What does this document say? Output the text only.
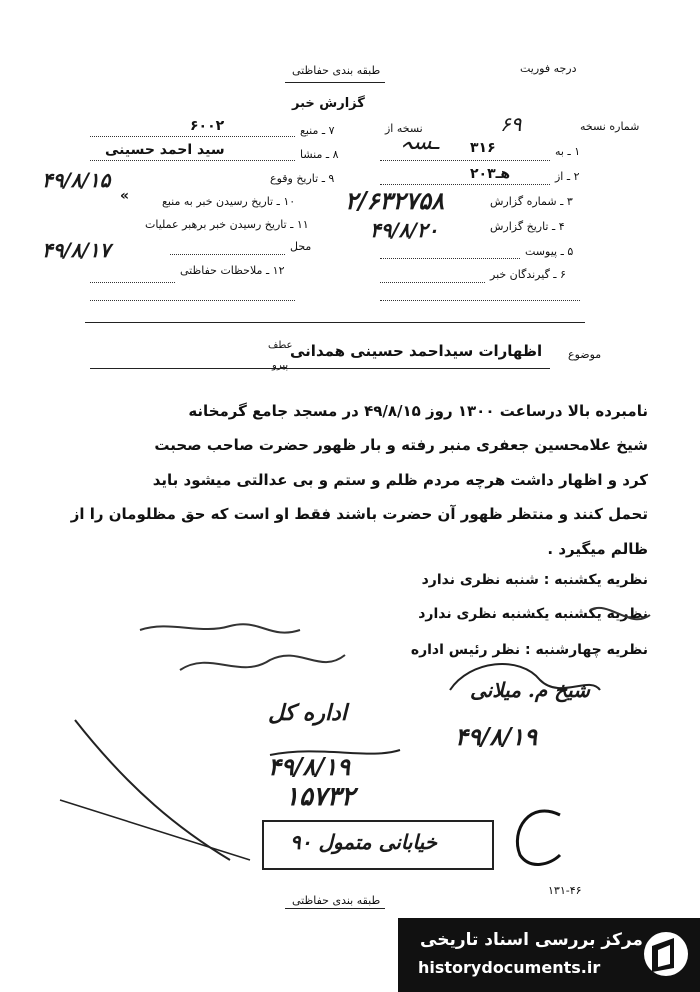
درجه فوریت
طبقه بندی حفاظتی
گزارش خبر
شماره نسخه
۶۹
نسخه از
ـسہ	۱ ـ به
۳۱۶
۲ ـ از
۲۰هـ۳
۳ ـ شماره گزارش
۲/۶۳۲۷۵۸
۴ ـ تاریخ گزارش
۴۹/۸/۲۰
۵ ـ پیوست
۶ ـ گیرندگان خبر
۷ ـ منبع
۶۰۰۲
۸ ـ منشا
سید احمد حسینی
۹ ـ تاریخ وقوع
۴۹/۸/۱۵
۱۰ ـ تاریخ رسیدن خبر به منبع
«
۱۱ ـ تاریخ رسیدن خبر برهبر عملیات
۴۹/۸/۱۷	محل
۱۲ ـ ملاحظات حفاظتی
موضوع
اظهارات سیداحمد حسینی همدانی
عطف
پیرو
نامبرده بالا درساعت ۱۳۰۰ روز ۴۹/۸/۱۵ در مسجد جامع گرمخانه
شیخ علامحسین جعفری منبر رفته و بار ظهور حضرت صاحب صحبت
کرد و اظهار داشت هرچه مردم ظلم و ستم و بی عدالتی میشود باید
تحمل کنند و منتظر ظهور آن حضرت باشند فقط او است که حق مظلومان را از
ظالم میگیرد .
نظریه یکشنبه : شنبه نظری ندارد
نظریه یکشنبه یکشنبه نظری ندارد
نظریه چهارشنبه : نظر رئیس اداره
شیخ م. میلانی
۴۹/۸/۱۹
اداره کل
۴۹/۸/۱۹
۱۵۷۳۲
خیابانی متمول ۹۰
۱۳۱-۴۶
طبقه بندی حفاظتی
مرکز بررسی اسناد تاریخی
historydocuments.ir
